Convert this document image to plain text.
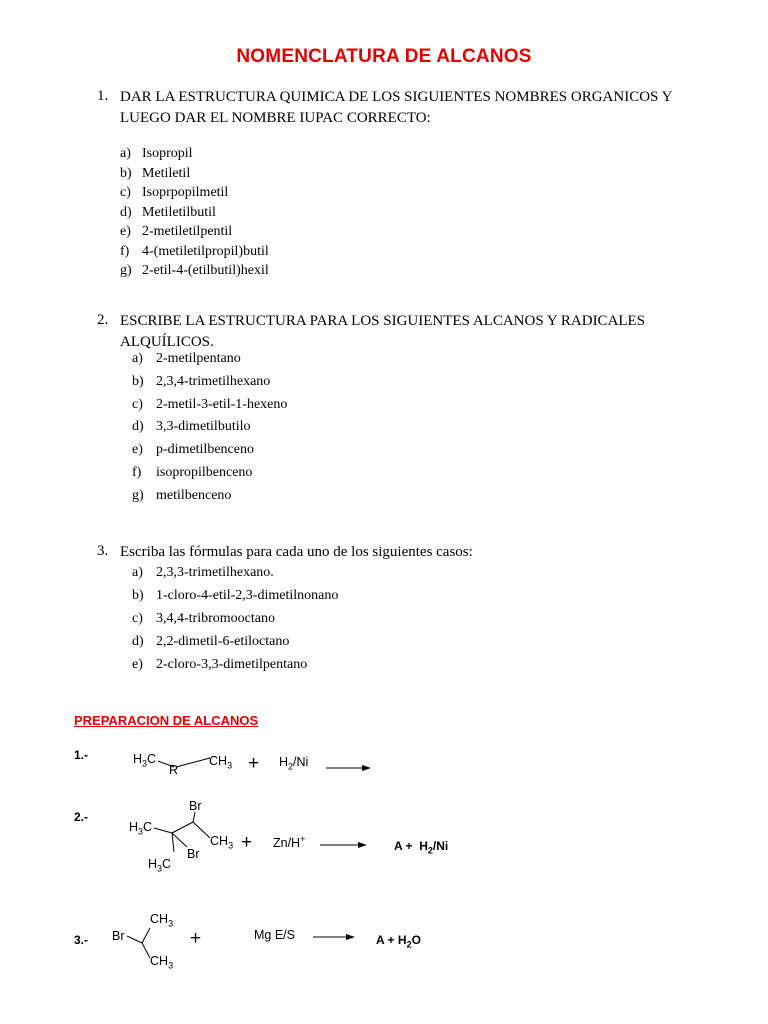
NOMENCLATURA DE ALCANOS
1. DAR LA ESTRUCTURA QUIMICA DE LOS SIGUIENTES NOMBRES ORGANICOS Y
LUEGO DAR EL NOMBRE IUPAC CORRECTO:
a) Isopropil
b) Metiletil
c) Isoprpopilmetil
d) Metiletilbutil
e) 2-metiletilpentil
f) 4-(metiletilpropil)butil
g) 2-etil-4-(etilbutil)hexil
2. ESCRIBE LA ESTRUCTURA PARA LOS SIGUIENTES ALCANOS Y RADICALES
ALQUÍLICOS.
a) 2-metilpentano
b) 2,3,4-trimetilhexano
c) 2-metil-3-etil-1-hexeno
d) 3,3-dimetilbutilo
e) p-dimetilbenceno
f) isopropilbenceno
g) metilbenceno
3. Escriba las fórmulas para cada uno de los siguientes casos:
a) 2,3,3-trimetilhexano.
b) 1-cloro-4-etil-2,3-dimetilnonano
c) 3,4,4-tribromooctano
d) 2,2-dimetil-6-etiloctano
e) 2-cloro-3,3-dimetilpentano
PREPARACION DE ALCANOS
1.-	$H_3C$
R
$CH_3 + H_2/Ni$
2.-
Br
$H_3C$
$CH_3$
Br
$H_3C$
+ Zn/H+	$A + H_2/Ni$
3.- Br
$CH_3$
$CH_3$
+	Mg E/S	$A + H_2O$
